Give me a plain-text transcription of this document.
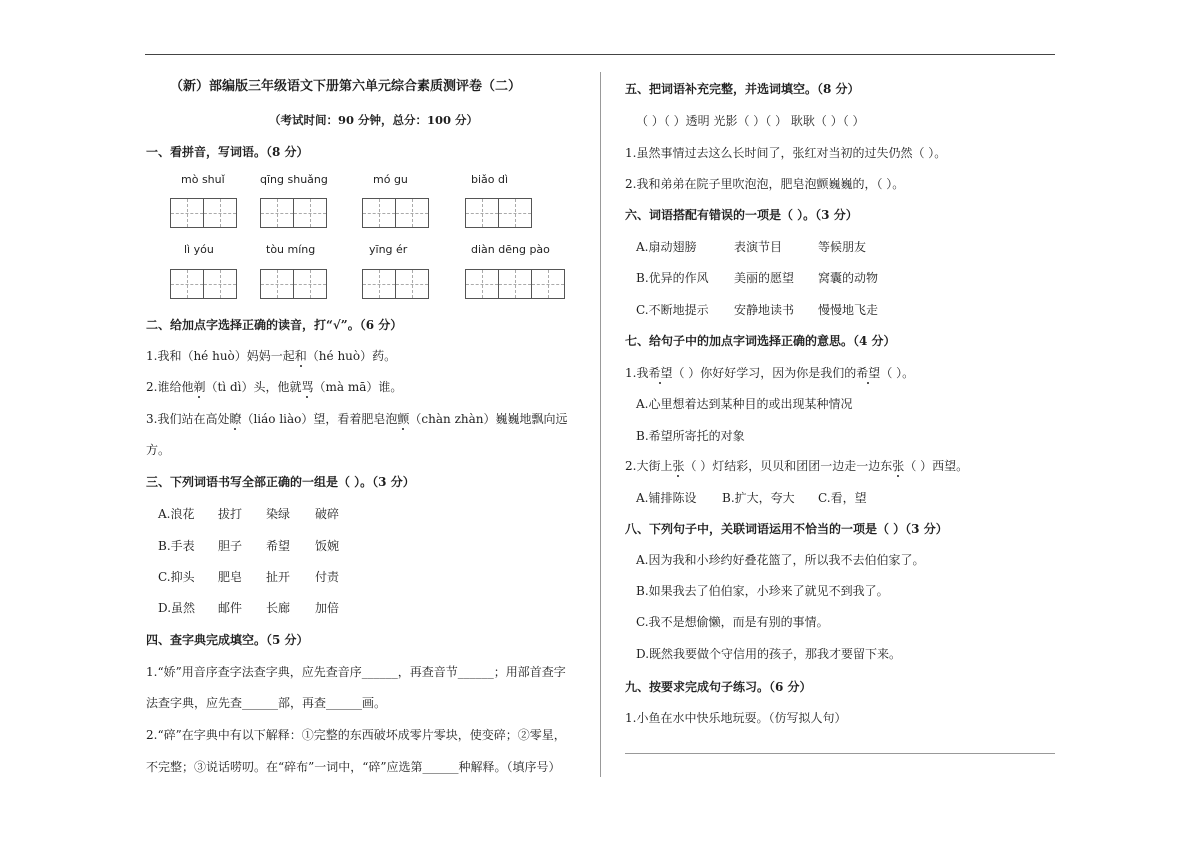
（新）部编版三年级语文下册第六单元综合素质测评卷（二）
（考试时间：90 分钟，总分：100 分）
一、看拼音，写词语。（8 分）
mò shuǐ	qīng shuǎng	mó gu	biǎo dì
lì yóu	tòu míng	yīng ér	diàn dēng pào
二、给加点字选择正确的读音，打“√”。（6 分）
1.我和（hé huò）妈妈一起和（hé huò）药。
2.谁给他剃（tì dì）头，他就骂（mà mā）谁。
3.我们站在高处瞭（liáo liào）望，看着肥皂泡颤（chàn zhàn）巍巍地飘向远
方。
三、下列词语书写全部正确的一组是（ ）。（3 分）
A.浪花 拔打 染绿 破碎
B.手表 胆子 希望 饭婉
C.抑头 肥皂 扯开 付责
D.虽然 邮件 长廊 加倍
四、查字典完成填空。（5 分）
1.“娇”用音序查字法查字典，应先查音序______，再查音节______；用部首查字
法查字典，应先查______部，再查______画。
2.“碎”在字典中有以下解释：①完整的东西破坏成零片零块，使变碎；②零星，
不完整；③说话唠叨。在“碎布”一词中，“碎”应选第______种解释。（填序号）
五、把词语补充完整，并选词填空。（8 分）
（ ）（ ）透明 光影（ ）（ ） 耿耿（ ）（ ）
1.虽然事情过去这么长时间了，张红对当初的过失仍然（ ）。
2.我和弟弟在院子里吹泡泡，肥皂泡颤巍巍的，（ ）。
六、词语搭配有错误的一项是（ ）。（3 分）
A.扇动翅膀	表演节目	等候朋友
B.优异的作风 美丽的愿望 窝囊的动物
C.不断地提示 安静地读书 慢慢地飞走
七、给句子中的加点字词选择正确的意思。（4 分）
1.我希望（ ）你好好学习，因为你是我们的希望（ ）。
A.心里想着达到某种目的或出现某种情况
B.希望所寄托的对象
2.大街上张（ ）灯结彩，贝贝和团团一边走一边东张（ ）西望。
A.铺排陈设 B.扩大，夸大 C.看，望
八、下列句子中，关联词语运用不恰当的一项是（ ）（3 分）
A.因为我和小珍约好叠花篮了，所以我不去伯伯家了。
B.如果我去了伯伯家，小珍来了就见不到我了。
C.我不是想偷懒，而是有别的事情。
D.既然我要做个守信用的孩子，那我才要留下来。
九、按要求完成句子练习。（6 分）
1.小鱼在水中快乐地玩耍。（仿写拟人句）
